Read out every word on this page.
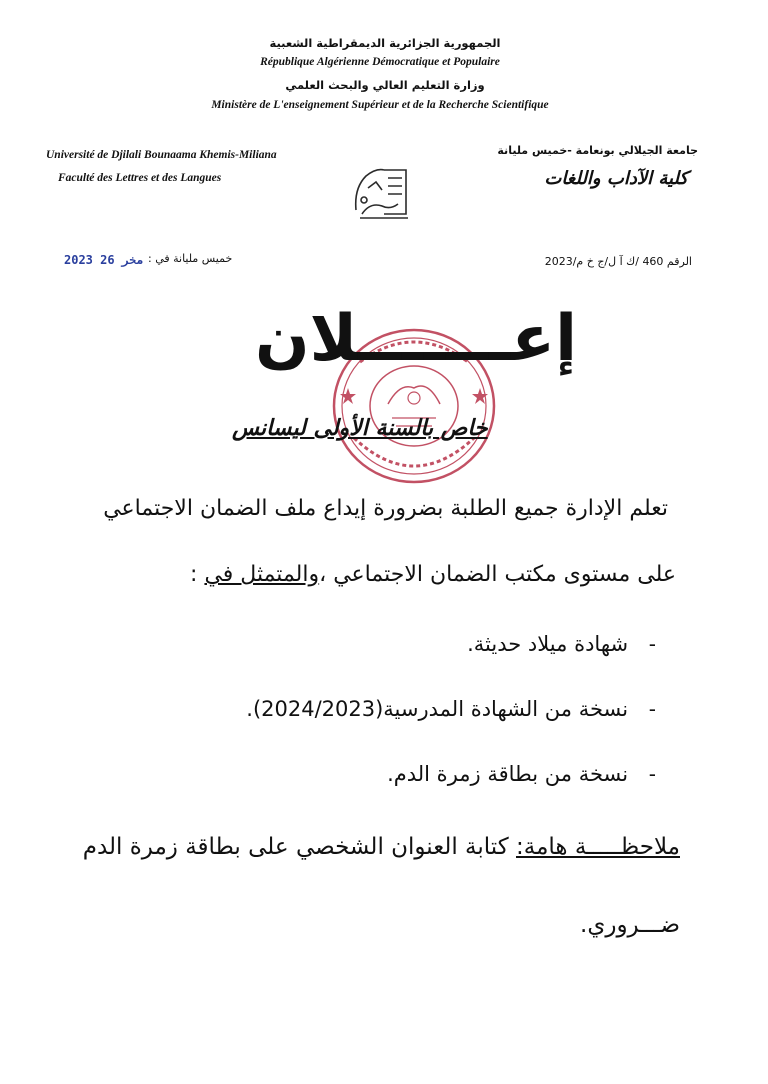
الجمهورية الجزائرية الديمقراطية الشعبية
République Algérienne Démocratique et Populaire
وزارة التعليم العالي والبحث العلمي
Ministère de L'enseignement Supérieur et de la Recherche Scientifique
Université de Djilali Bounaama Khemis-Miliana
Faculté des Lettres et des Langues
جامعة الجيلالي بونعامة -خميس مليانة
كلية الآداب واللغات
خميس مليانة في :
2023 مخر 26	الرقم 460 /ك آ ل/ج خ م/2023
إعـــــــلان
خاص بالسنة الأولى ليسانس
تعلم الإدارة جميع الطلبة بضرورة إيداع ملف الضمان الاجتماعي
على مستوى مكتب الضمان الاجتماعي ،والمتمثل في :
- شهادة ميلاد حديثة.
- نسخة من الشهادة المدرسية(2024/2023).
- نسخة من بطاقة زمرة الدم.
ملاحظـــــة هامة: كتابة العنوان الشخصي على بطاقة زمرة الدم
ضـــروري.
